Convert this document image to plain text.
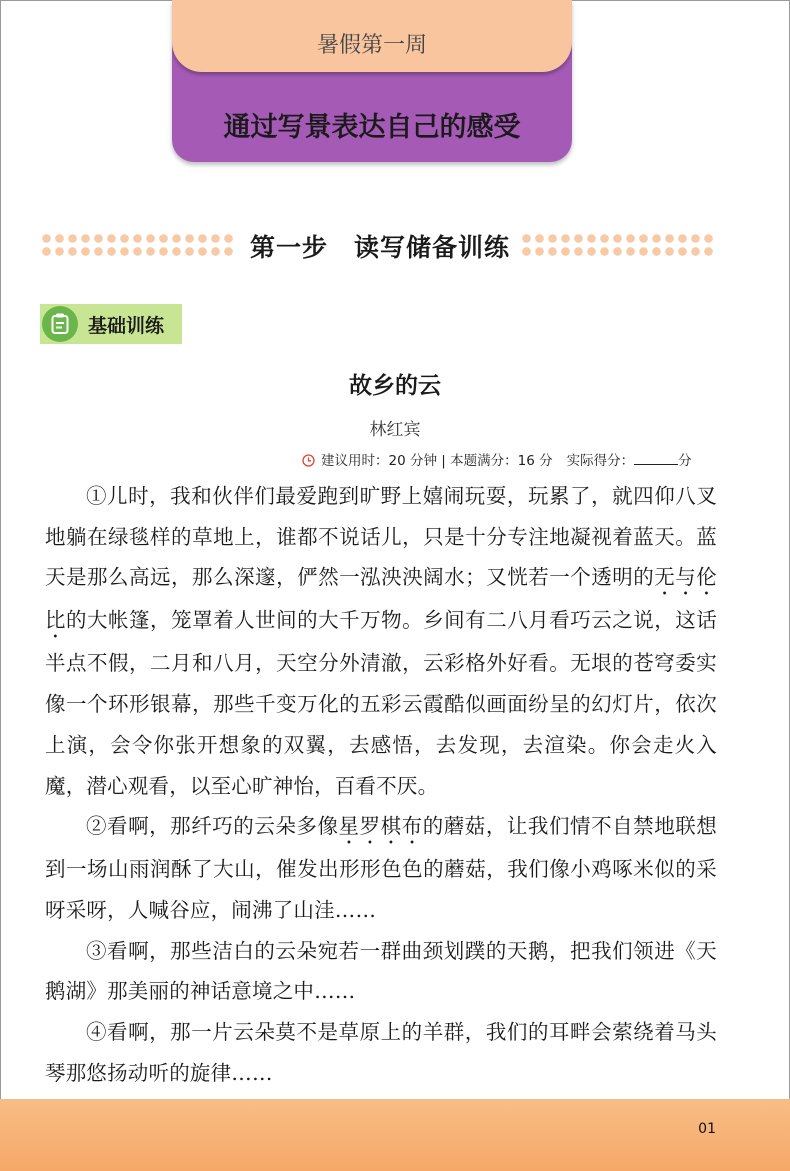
暑假第一周
通过写景表达自己的感受
第一步　读写储备训练
基础训练
故乡的云
林红宾
建议用时：20 分钟 | 本题满分：16 分 实际得分：	分

①儿时，我和伙伴们最爱跑到旷野上嬉闹玩耍，玩累了，就四仰八叉地躺在绿毯样的草地上，谁都不说话儿，只是十分专注地凝视着蓝天。蓝天是那么高远，那么深邃，俨然一泓泱泱阔水；又恍若一个透明的无与伦比的大帐篷，笼罩着人世间的大千万物。乡间有二八月看巧云之说，这话半点不假，二月和八月，天空分外清澈，云彩格外好看。无垠的苍穹委实像一个环形银幕，那些千变万化的五彩云霞酷似画面纷呈的幻灯片，依次上演，会令你张开想象的双翼，去感悟，去发现，去渲染。你会走火入魔，潜心观看，以至心旷神怡，百看不厌。

②看啊，那纤巧的云朵多像星罗棋布的蘑菇，让我们情不自禁地联想到一场山雨润酥了大山，催发出形形色色的蘑菇，我们像小鸡啄米似的采呀采呀，人喊谷应，闹沸了山洼……

③看啊，那些洁白的云朵宛若一群曲颈划蹼的天鹅，把我们领进《天鹅湖》那美丽的神话意境之中……

④看啊，那一片云朵莫不是草原上的羊群，我们的耳畔会萦绕着马头琴那悠扬动听的旋律……

01
